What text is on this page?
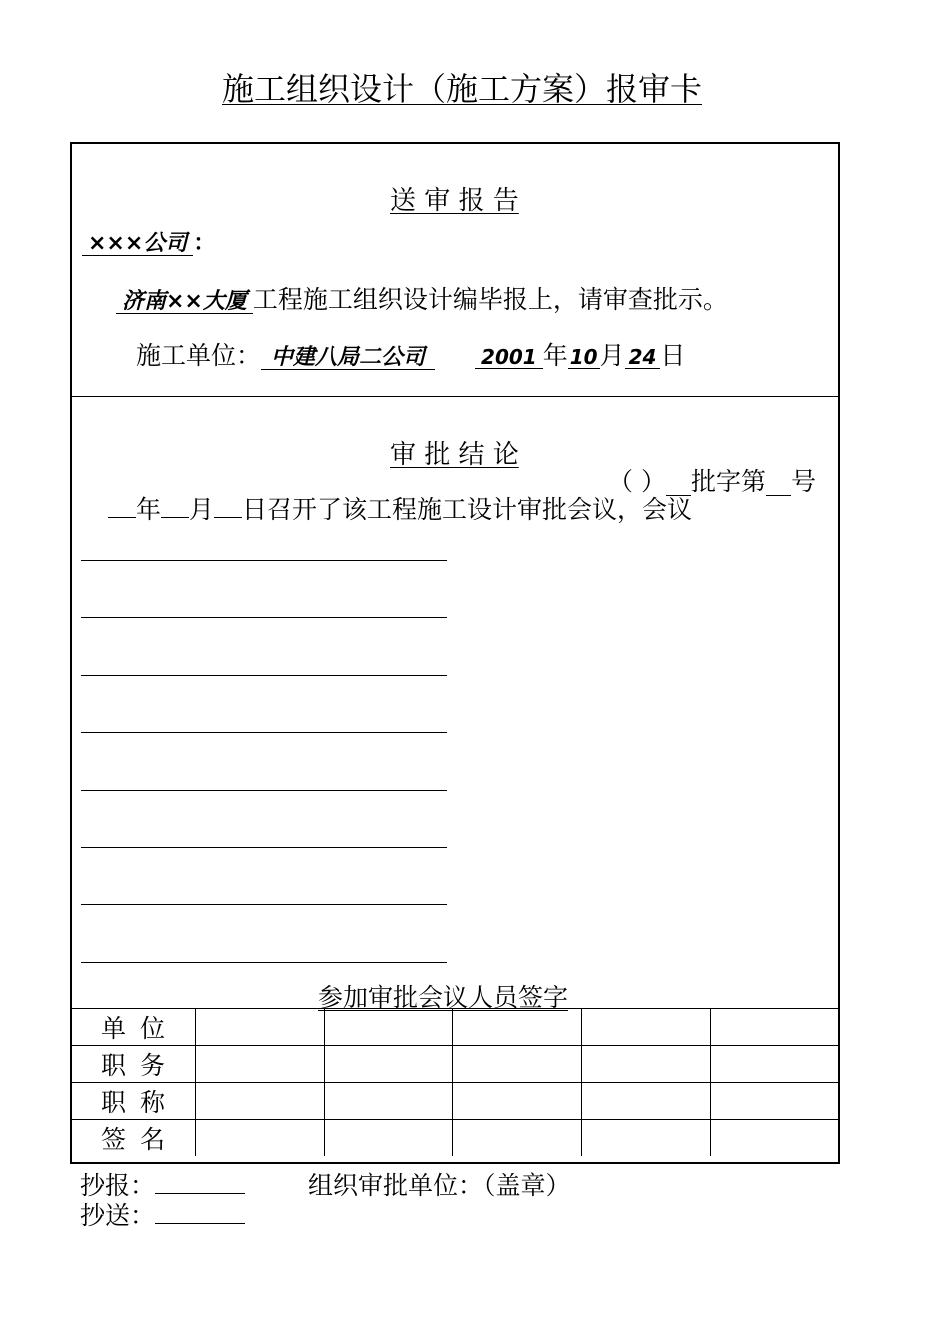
施工组织设计（施工方案）报审卡
送 审 报 告
×××公司 ：
济南××大厦 工程施工组织设计编毕报上，请审查批示。
施工单位： 中建八局二公司	2001 年 10月 24 日
审 批 结 论
（ ）__批字第__号
年 月 日召开了该工程施工设计审批会议，会议
参加审批会议人员签字
单位					
职务					
职称					
签名					
抄报：	组织审批单位：（盖章）
抄送：
